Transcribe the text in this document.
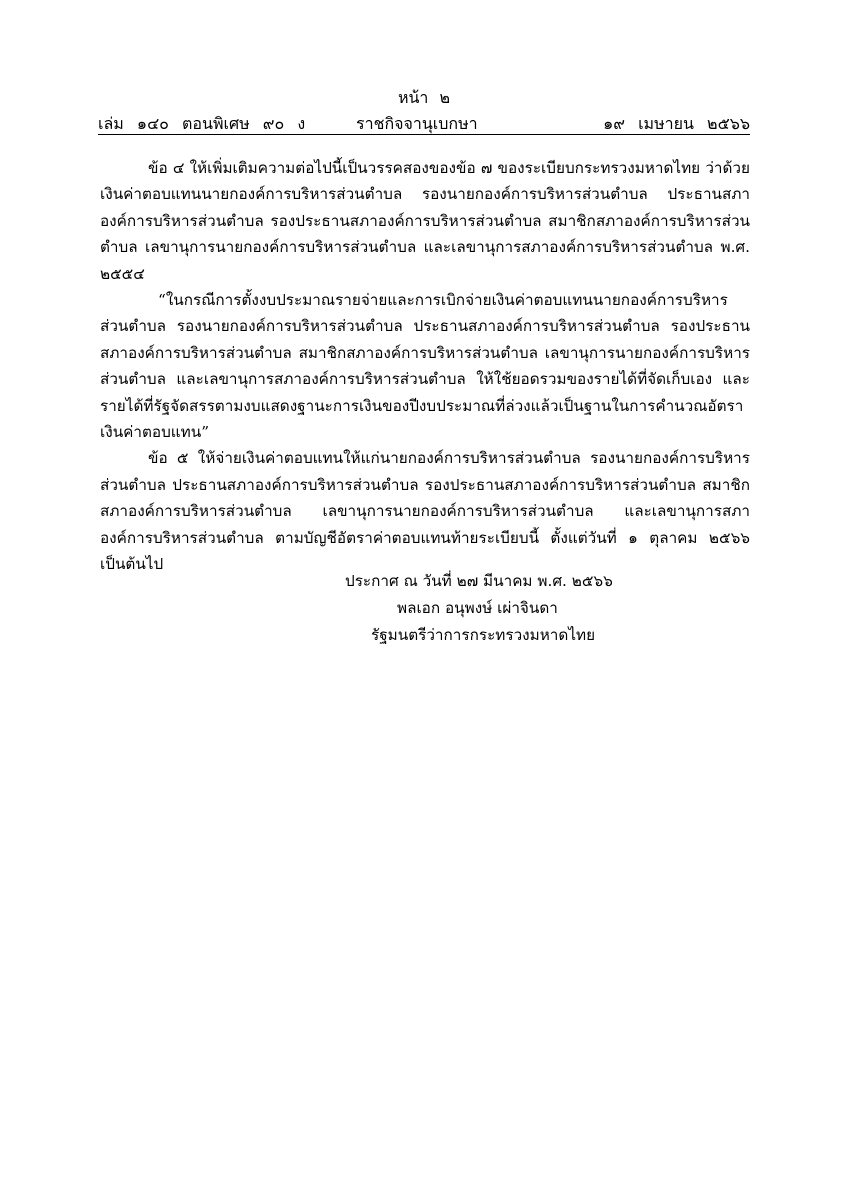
หน้า ๒
เล่ม ๑๔๐ ตอนพิเศษ ๙๐ ง	ราชกิจจานุเบกษา	๑๙ เมษายน ๒๕๖๖

ข้อ ๔ ให้เพิ่มเติมความต่อไปนี้เป็นวรรคสองของข้อ ๗ ของระเบียบกระทรวงมหาดไทย ว่าด้วยเงินค่าตอบแทนนายกองค์การบริหารส่วนตำบล รองนายกองค์การบริหารส่วนตำบล ประธานสภาองค์การบริหารส่วนตำบล รองประธานสภาองค์การบริหารส่วนตำบล สมาชิกสภาองค์การบริหารส่วนตำบล เลขานุการนายกองค์การบริหารส่วนตำบล และเลขานุการสภาองค์การบริหารส่วนตำบล พ.ศ. ๒๕๕๔

“ในกรณีการตั้งงบประมาณรายจ่ายและการเบิกจ่ายเงินค่าตอบแทนนายกองค์การบริหารส่วนตำบล รองนายกองค์การบริหารส่วนตำบล ประธานสภาองค์การบริหารส่วนตำบล รองประธานสภาองค์การบริหารส่วนตำบล สมาชิกสภาองค์การบริหารส่วนตำบล เลขานุการนายกองค์การบริหารส่วนตำบล และเลขานุการสภาองค์การบริหารส่วนตำบล ให้ใช้ยอดรวมของรายได้ที่จัดเก็บเอง และรายได้ที่รัฐจัดสรรตามงบแสดงฐานะการเงินของปีงบประมาณที่ล่วงแล้วเป็นฐานในการคำนวณอัตราเงินค่าตอบแทน”

ข้อ ๕ ให้จ่ายเงินค่าตอบแทนให้แก่นายกองค์การบริหารส่วนตำบล รองนายกองค์การบริหารส่วนตำบล ประธานสภาองค์การบริหารส่วนตำบล รองประธานสภาองค์การบริหารส่วนตำบล สมาชิกสภาองค์การบริหารส่วนตำบล เลขานุการนายกองค์การบริหารส่วนตำบล และเลขานุการสภาองค์การบริหารส่วนตำบล ตามบัญชีอัตราค่าตอบแทนท้ายระเบียบนี้ ตั้งแต่วันที่ ๑ ตุลาคม ๒๕๖๖ เป็นต้นไป

ประกาศ ณ วันที่ ๒๗ มีนาคม พ.ศ. ๒๕๖๖
พลเอก อนุพงษ์ เผ่าจินดา
รัฐมนตรีว่าการกระทรวงมหาดไทย
